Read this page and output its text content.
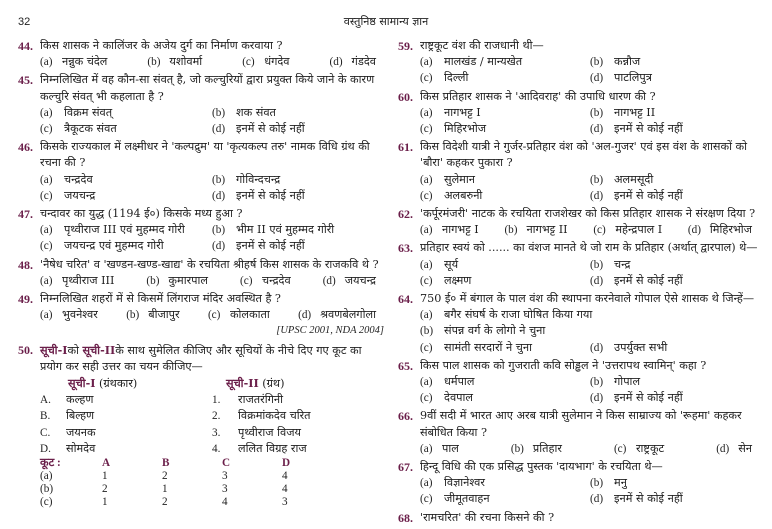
32	वस्तुनिष्ठ सामान्य ज्ञान
44. किस शासक ने कालिंजर के अजेय दुर्ग का निर्माण करवाया ?
(a) नन्नुक चंदेल	(b) यशोवर्मा	(c) धंगदेव	(d) गंडदेव
45. निम्नलिखित में वह कौन-सा संवत् है, जो कल्चुरियों द्वारा प्रयुक्त किये जाने के कारण कल्चुरि संवत् भी कहलाता है ?
(a)	विक्रम संवत्	(b) शक संवत
(c)	त्रैकूटक संवत	(d) इनमें से कोई नहीं
46. किसके राज्यकाल में लक्ष्मीधर ने 'कल्पद्रुम' या 'कृत्यकल्प तरु' नामक विधि ग्रंथ की रचना की ?
(a)	चन्द्रदेव	(b) गोविन्दचन्द्र
(c)	जयचन्द्र	(d) इनमें से कोई नहीं
47. चन्दावर का युद्ध (1194 ई०) किसके मध्य हुआ ?
(a)	पृथ्वीराज III एवं मुहम्मद गोरी (b) भीम II एवं मुहम्मद गोरी
(c)	जयचन्द्र एवं मुहम्मद गोरी	(d) इनमें से कोई नहीं
48. 'नैषेध चरित' व 'खण्डन-खण्ड-खाद्य' के रचयिता श्रीहर्ष किस शासक के राजकवि थे ?
(a) पृथ्वीराज III	(b) कुमारपाल	(c) चन्द्रदेव	(d) जयचन्द्र
49. निम्नलिखित शहरों में से किसमें लिंगराज मंदिर अवस्थित है ?
(a) भुवनेश्वर	(b) बीजापुर	(c) कोलकाता	(d) श्रवणबेलगोला
[UPSC 2001, NDA 2004]
50. सूची-Iको सूची-IIके साथ सुमेलित कीजिए और सूचियों के नीचे दिए गए कूट का प्रयोग कर सही उत्तर का चयन कीजिए—
सूची-I (ग्रंथकार)	सूची-II (ग्रंथ)
A.	कल्हण	1.	राजतरंगिनी
B.	बिल्हण	2.	विक्रमांकदेव चरित
C.	जयनक	3.	पृथ्वीराज विजय
D.	सोमदेव	4.	ललित विग्रह राज
कूट :	A	B	C	D
(a)	1	2	3	4
(b)	2	1	3	4
(c)	1	2	4	3
59. राष्ट्रकूट वंश की राजधानी थी—
(a)	मालखंड / मान्यखेत	(b) कन्नौज
(c)	दिल्ली	(d) पाटलिपुत्र
60. किस प्रतिहार शासक ने 'आदिवराह' की उपाधि धारण की ?
(a)	नागभट्ट I	(b) नागभट्ट II
(c)	मिहिरभोज	(d) इनमें से कोई नहीं
61. किस विदेशी यात्री ने गुर्जर-प्रतिहार वंश को 'अल-गुजर' एवं इस वंश के शासकों को 'बौरा' कहकर पुकारा ?
(a)	सुलेमान	(b) अलमसूदी
(c)	अलबरुनी	(d) इनमें से कोई नहीं
62. 'कर्पूरमंजरी' नाटक के रचयिता राजशेखर को किस प्रतिहार शासक ने संरक्षण दिया ?
(a) नागभट्ट I (b) नागभट्ट II (c) महेन्द्रपाल I (d) मिहिरभोज
63. प्रतिहार स्वयं को ...... का वंशज मानते थे जो राम के प्रतिहार (अर्थात् द्वारपाल) थे—
(a)	सूर्य	(b) चन्द्र
(c)	लक्ष्मण	(d) इनमें से कोई नहीं
64. 750 ई० में बंगाल के पाल वंश की स्थापना करनेवाले गोपाल ऐसे शासक थे जिन्हें—
(a)	बगैर संघर्ष के राजा घोषित किया गया
(b) संपन्न वर्ग के लोगो ने चुना
(c)	सामंती सरदारों ने चुना	(d) उपर्युक्त सभी
65. किस पाल शासक को गुजराती कवि सोड्ढल ने 'उत्तरापथ स्वामिन्' कहा ?
(a)	धर्मपाल	(b) गोपाल
(c)	देवपाल	(d) इनमें से कोई नहीं
66. 9वीं सदी में भारत आए अरब यात्री सुलेमान ने किस साम्राज्य को 'रूहमा' कहकर संबोधित किया ?
(a) पाल	(b) प्रतिहार	(c) राष्ट्रकूट	(d) सेन
67. हिन्दू विधि की एक प्रसिद्ध पुस्तक 'दायभाग' के रचयिता थे—
(a)	विज्ञानेश्वर	(b) मनु
(c)	जीमूतवाहन	(d) इनमें से कोई नहीं
68. 'रामचरित' की रचना किसने की ?
